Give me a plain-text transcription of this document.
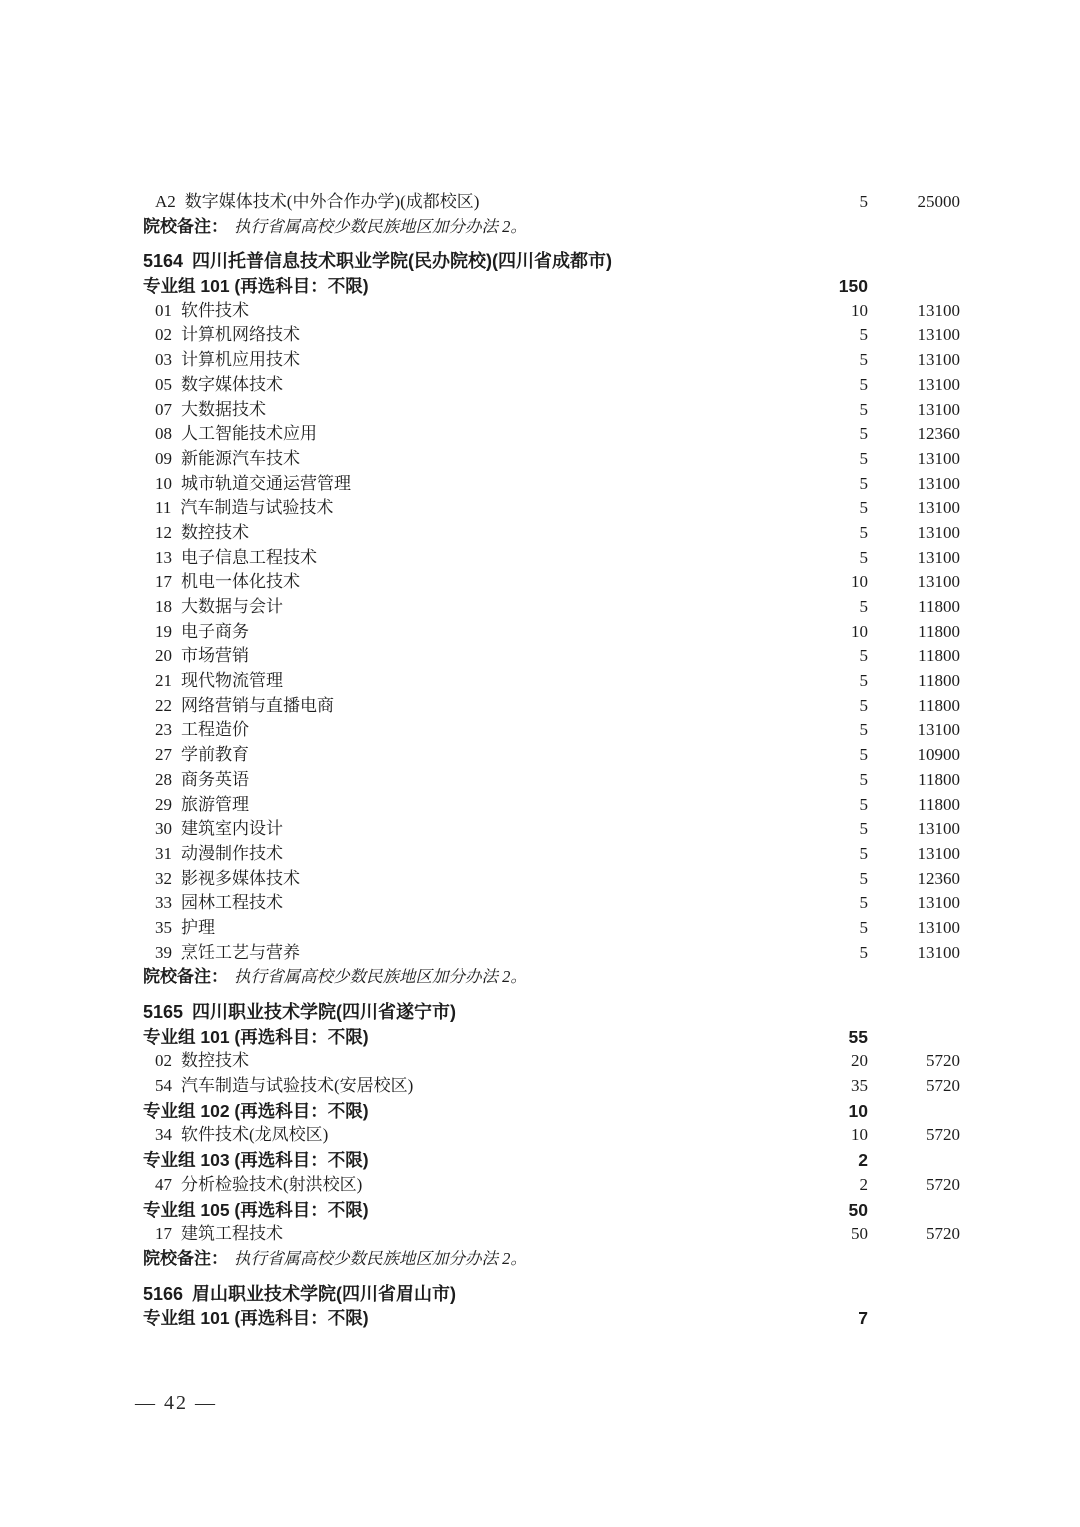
A2 数字媒体技术(中外合作办学)(成都校区)	5	25000
院校备注： 执行省属高校少数民族地区加分办法 2。
5164 四川托普信息技术职业学院(民办院校)(四川省成都市)
专业组 101 (再选科目：不限)	150
01 软件技术	10	13100
02 计算机网络技术	5	13100
03 计算机应用技术	5	13100
05 数字媒体技术	5	13100
07 大数据技术	5	13100
08 人工智能技术应用	5	12360
09 新能源汽车技术	5	13100
10 城市轨道交通运营管理	5	13100
11 汽车制造与试验技术	5	13100
12 数控技术	5	13100
13 电子信息工程技术	5	13100
17 机电一体化技术	10	13100
18 大数据与会计	5	11800
19 电子商务	10	11800
20 市场营销	5	11800
21 现代物流管理	5	11800
22 网络营销与直播电商	5	11800
23 工程造价	5	13100
27 学前教育	5	10900
28 商务英语	5	11800
29 旅游管理	5	11800
30 建筑室内设计	5	13100
31 动漫制作技术	5	13100
32 影视多媒体技术	5	12360
33 园林工程技术	5	13100
35 护理	5	13100
39 烹饪工艺与营养	5	13100
院校备注： 执行省属高校少数民族地区加分办法 2。
5165 四川职业技术学院(四川省遂宁市)
专业组 101 (再选科目：不限)	55
02 数控技术	20	5720
54 汽车制造与试验技术(安居校区)	35	5720
专业组 102 (再选科目：不限)	10
34 软件技术(龙凤校区)	10	5720
专业组 103 (再选科目：不限)	2
47 分析检验技术(射洪校区)	2	5720
专业组 105 (再选科目：不限)	50
17 建筑工程技术	50	5720
院校备注： 执行省属高校少数民族地区加分办法 2。
5166 眉山职业技术学院(四川省眉山市)
专业组 101 (再选科目：不限)	7
— 42 —
